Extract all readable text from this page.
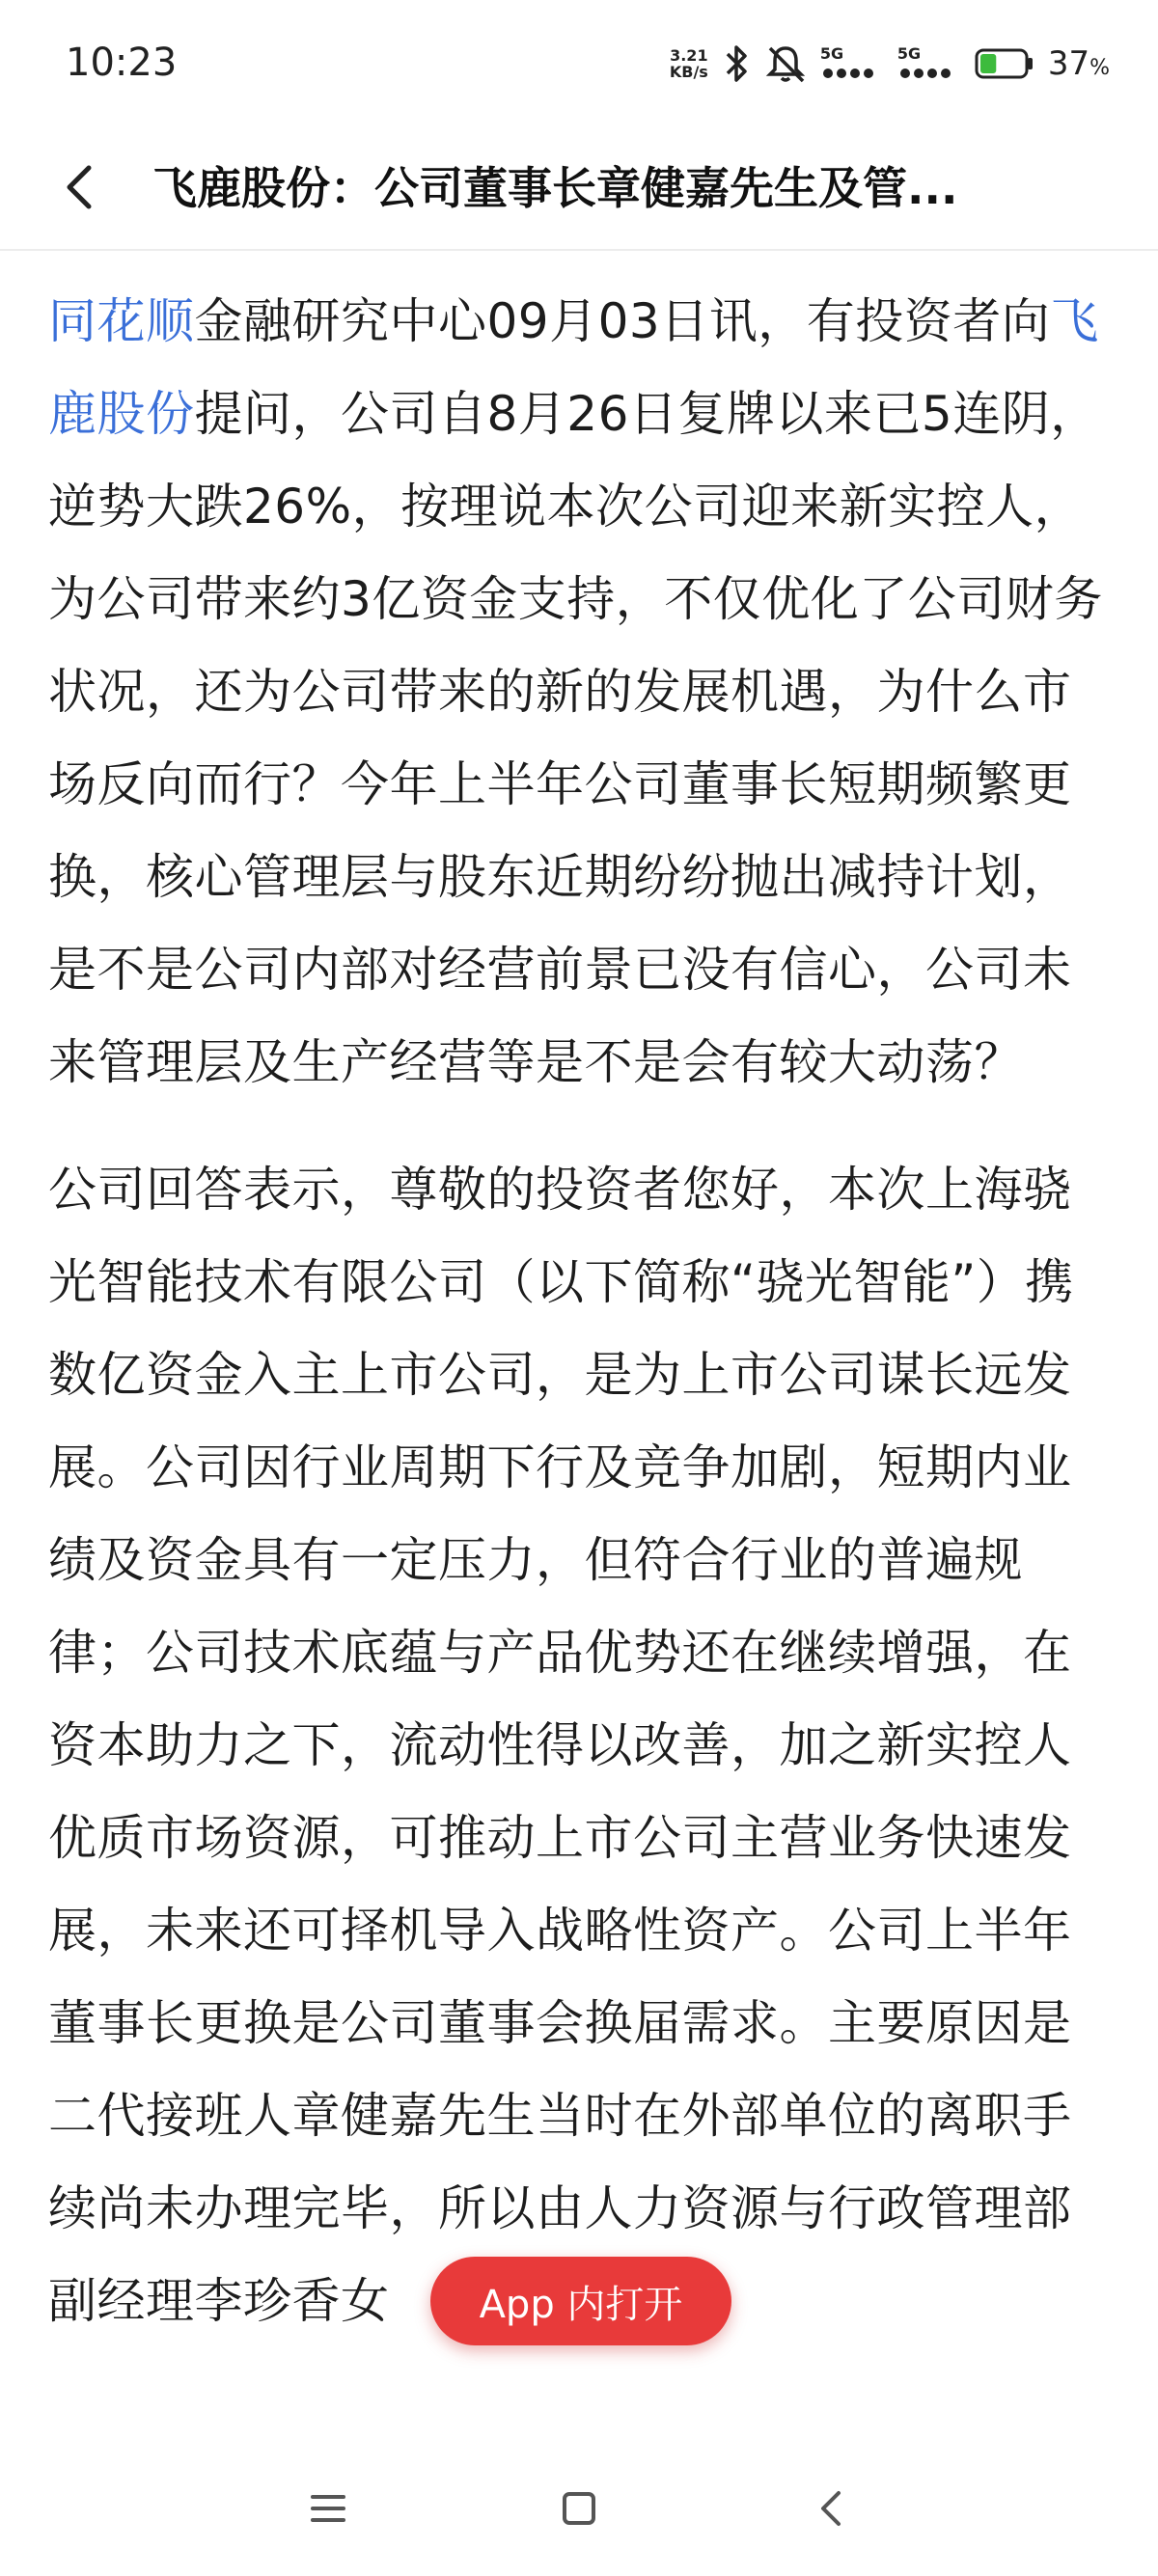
10:23	3.21
KB/s
5G	5G	37%
飞鹿股份：公司董事长章健嘉先生及管...

同花顺金融研究中心09月03日讯，有投资者向飞鹿股份提问，公司自8月26日复牌以来已5连阴，逆势大跌26%，按理说本次公司迎来新实控人，为公司带来约3亿资金支持，不仅优化了公司财务状况，还为公司带来的新的发展机遇，为什么市场反向而行？今年上半年公司董事长短期频繁更换，核心管理层与股东近期纷纷抛出减持计划，是不是公司内部对经营前景已没有信心，公司未来管理层及生产经营等是不是会有较大动荡？

公司回答表示，尊敬的投资者您好，本次上海骁光智能技术有限公司（以下简称“骁光智能”）携数亿资金入主上市公司，是为上市公司谋长远发展。公司因行业周期下行及竞争加剧，短期内业绩及资金具有一定压力，但符合行业的普遍规律；公司技术底蕴与产品优势还在继续增强，在资本助力之下，流动性得以改善，加之新实控人优质市场资源，可推动上市公司主营业务快速发展，未来还可择机导入战略性资产。公司上半年董事长更换是公司董事会换届需求。主要原因是二代接班人章健嘉先生当时在外部单位的离职手续尚未办理完毕，所以由人力资源与行政管理部副经理李珍香女	App 内打开
